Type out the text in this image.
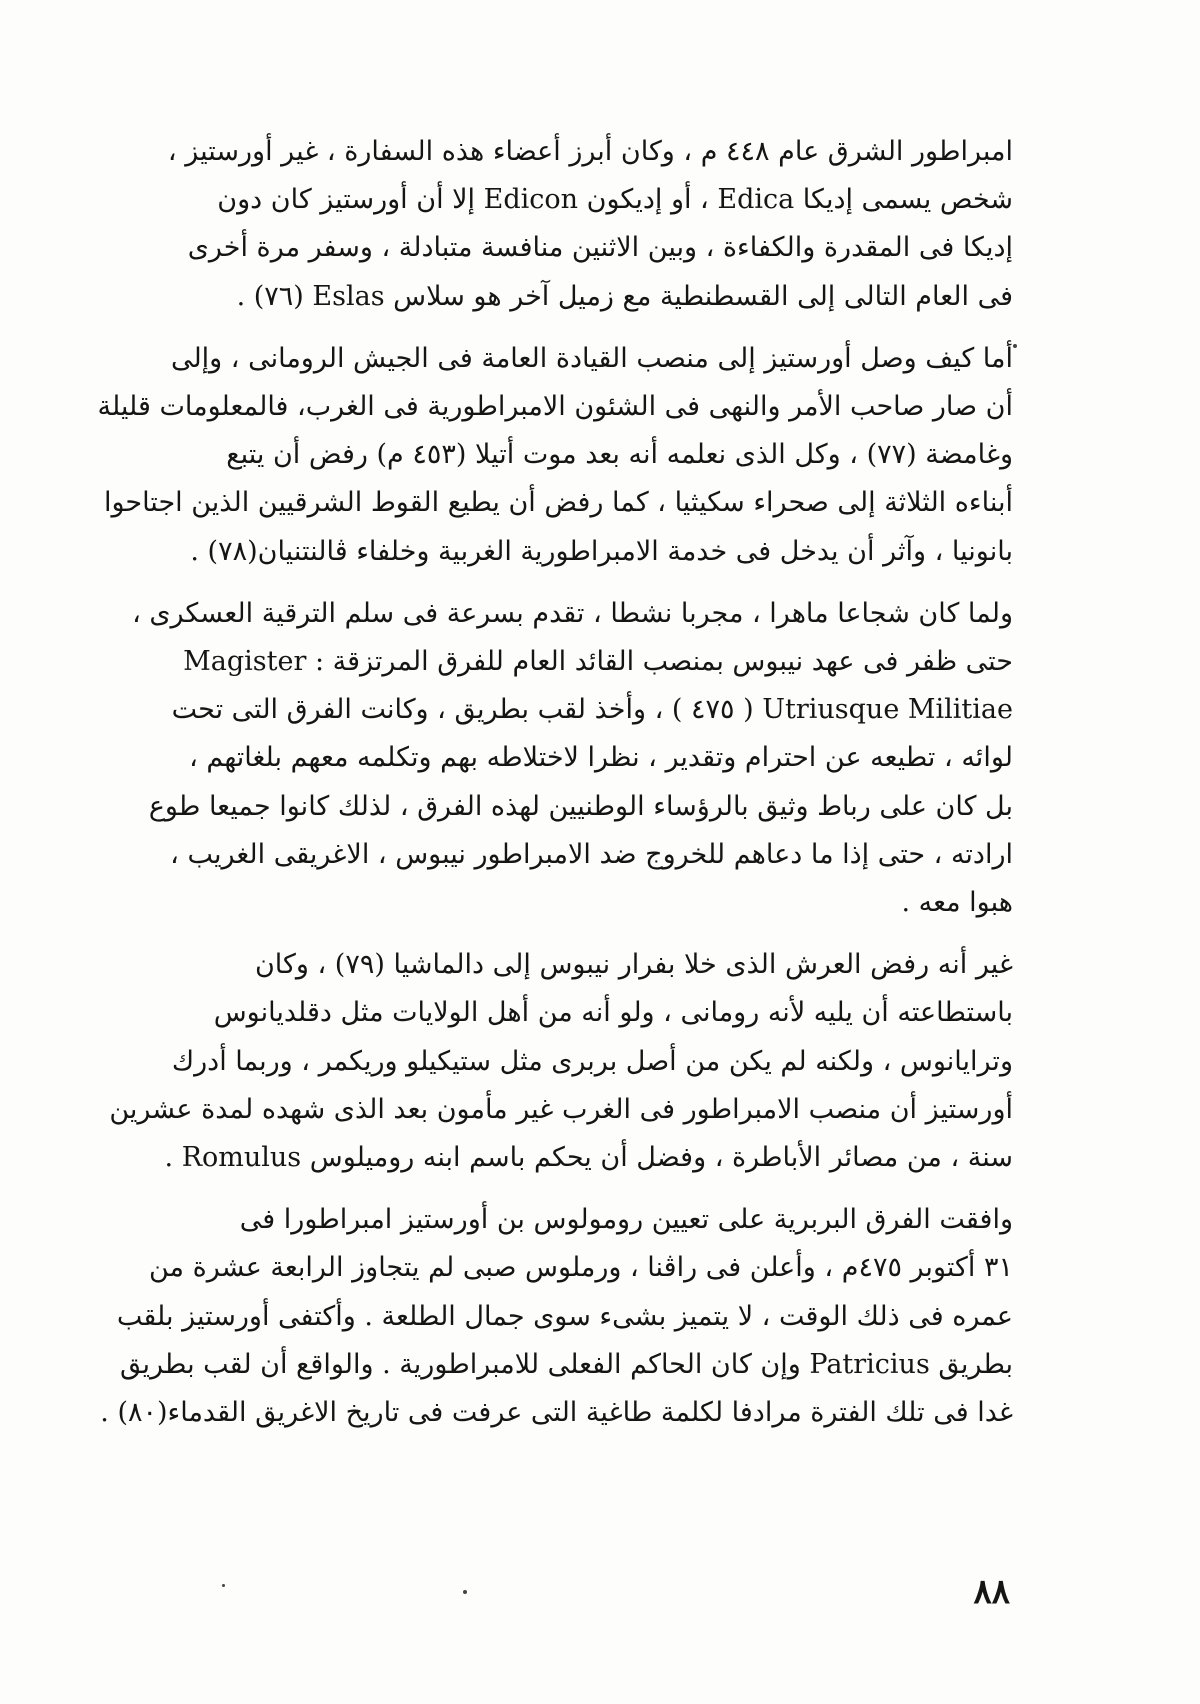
امبراطور الشرق عام ٤٤٨ م ، وكان أبرز أعضاء هذه السفارة ، غير أورستيز ،
شخص يسمى إديكا Edica ، أو إديكون Edicon إلا أن أورستيز كان دون
إديكا فى المقدرة والكفاءة ، وبين الاثنين منافسة متبادلة ، وسفر مرة أخرى
فى العام التالى إلى القسطنطية مع زميل آخر هو سلاس Eslas (٧٦) .

أما كيف وصل أورستيز إلى منصب القيادة العامة فى الجيش الرومانى ، وإلى
أن صار صاحب الأمر والنهى فى الشئون الامبراطورية فى الغرب، فالمعلومات قليلة
وغامضة (٧٧) ، وكل الذى نعلمه أنه بعد موت أتيلا (٤٥٣ م) رفض أن يتبع
أبناءه الثلاثة إلى صحراء سكيثيا ، كما رفض أن يطيع القوط الشرقيين الذين اجتاحوا
بانونيا ، وآثر أن يدخل فى خدمة الامبراطورية الغربية وخلفاء ڤالنتنيان(٧٨) .

ولما كان شجاعا ماهرا ، مجربا نشطا ، تقدم بسرعة فى سلم الترقية العسكرى ،
حتى ظفر فى عهد نيبوس بمنصب القائد العام للفرق المرتزقة : Magister
Utriusque Militiae ( ٤٧٥ ) ، وأخذ لقب بطريق ، وكانت الفرق التى تحت
لوائه ، تطيعه عن احترام وتقدير ، نظرا لاختلاطه بهم وتكلمه معهم بلغاتهم ،
بل كان على رباط وثيق بالرؤساء الوطنيين لهذه الفرق ، لذلك كانوا جميعا طوع
ارادته ، حتى إذا ما دعاهم للخروج ضد الامبراطور نيبوس ، الاغريقى الغريب ،
هبوا معه .

غير أنه رفض العرش الذى خلا بفرار نيبوس إلى دالماشيا (٧٩) ، وكان
باستطاعته أن يليه لأنه رومانى ، ولو أنه من أهل الولايات مثل دقلديانوس
وترايانوس ، ولكنه لم يكن من أصل بربرى مثل ستيكيلو وريكمر ، وربما أدرك
أورستيز أن منصب الامبراطور فى الغرب غير مأمون بعد الذى شهده لمدة عشرين
سنة ، من مصائر الأباطرة ، وفضل أن يحكم باسم ابنه روميلوس Romulus .

وافقت الفرق البربرية على تعيين رومولوس بن أورستيز امبراطورا فى
٣١ أكتوبر ٤٧٥م ، وأعلن فى راڤنا ، ورملوس صبى لم يتجاوز الرابعة عشرة من
عمره فى ذلك الوقت ، لا يتميز بشىء سوى جمال الطلعة . وأكتفى أورستيز بلقب
بطريق Patricius وإن كان الحاكم الفعلى للامبراطورية . والواقع أن لقب بطريق
غدا فى تلك الفترة مرادفا لكلمة طاغية التى عرفت فى تاريخ الاغريق القدماء(٨٠) .

٨٨
